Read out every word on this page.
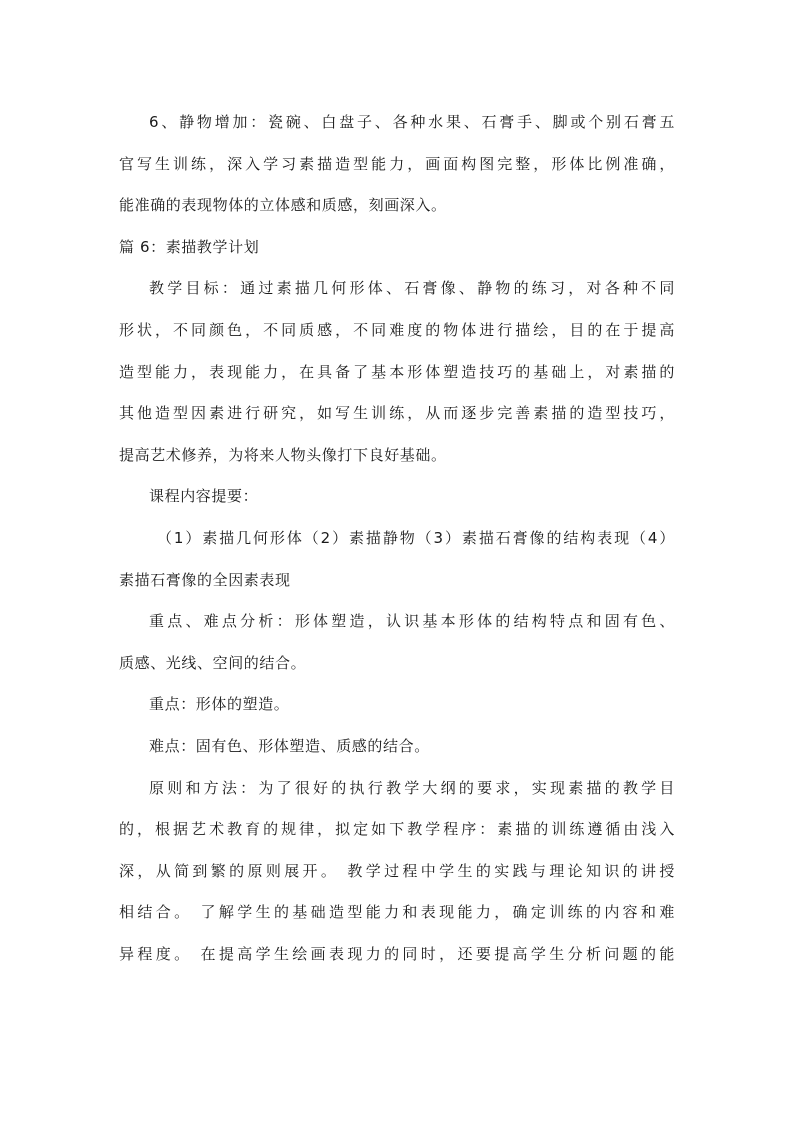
6、静物增加：瓷碗、白盘子、各种水果、石膏手、脚或个别石膏五
官写生训练，深入学习素描造型能力，画面构图完整，形体比例准确，
能准确的表现物体的立体感和质感，刻画深入。
篇 6：素描教学计划
教学目标：通过素描几何形体、石膏像、静物的练习，对各种不同
形状，不同颜色，不同质感，不同难度的物体进行描绘，目的在于提高
造型能力，表现能力，在具备了基本形体塑造技巧的基础上，对素描的
其他造型因素进行研究，如写生训练，从而逐步完善素描的造型技巧，
提高艺术修养，为将来人物头像打下良好基础。
课程内容提要：
（1）素描几何形体（2）素描静物（3）素描石膏像的结构表现（4）
素描石膏像的全因素表现
重点、难点分析：形体塑造，认识基本形体的结构特点和固有色、
质感、光线、空间的结合。
重点：形体的塑造。
难点：固有色、形体塑造、质感的结合。
原则和方法：为了很好的执行教学大纲的要求，实现素描的教学目
的，根据艺术教育的规律，拟定如下教学程序：素描的训练遵循由浅入
深，从简到繁的原则展开。 教学过程中学生的实践与理论知识的讲授
相结合。 了解学生的基础造型能力和表现能力，确定训练的内容和难
异程度。 在提高学生绘画表现力的同时，还要提高学生分析问题的能
